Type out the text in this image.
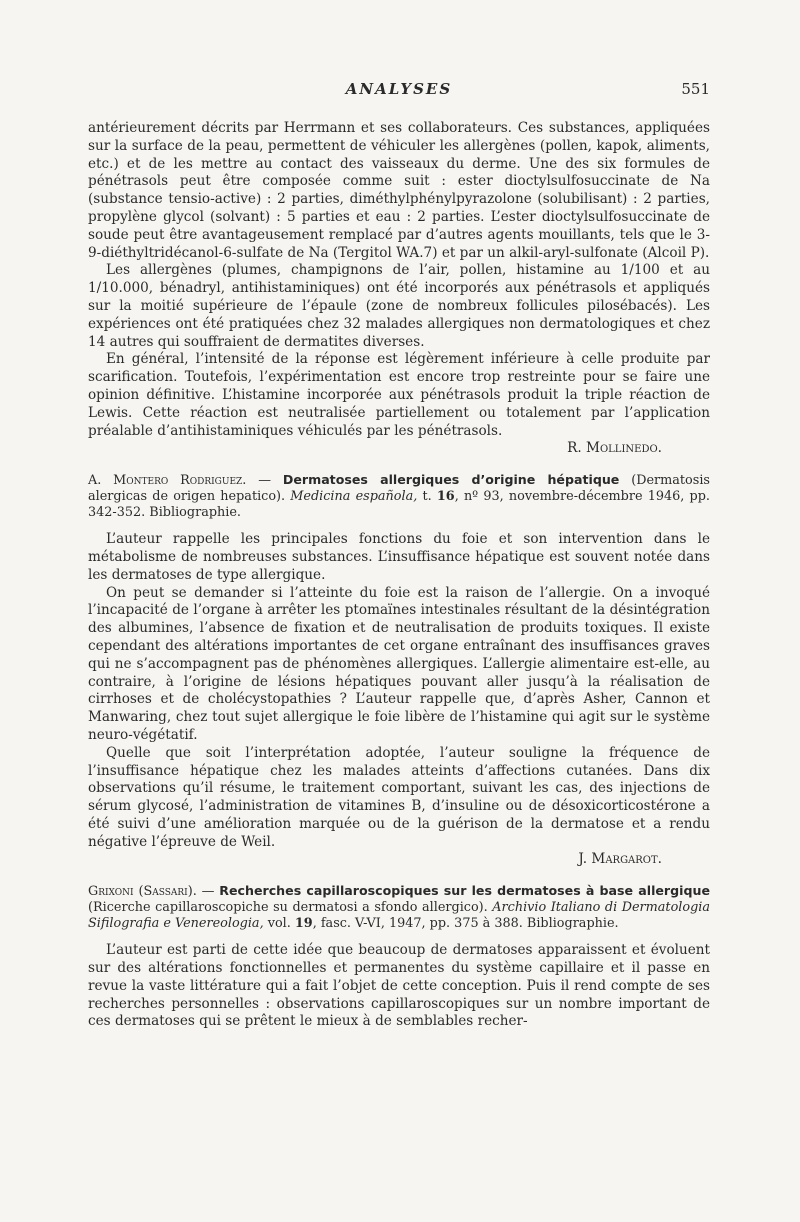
ANALYSES	551

antérieurement décrits par Herrmann et ses collaborateurs. Ces substances, appliquées sur la surface de la peau, permettent de véhiculer les allergènes (pollen, kapok, aliments, etc.) et de les mettre au contact des vaisseaux du derme. Une des six formules de pénétrasols peut être composée comme suit : ester dioctylsulfosuccinate de Na (substance tensio-active) : 2 parties, diméthylphénylpyrazolone (solubilisant) : 2 parties, propylène glycol (solvant) : 5 parties et eau : 2 parties. L’ester dioctylsulfosuccinate de soude peut être avantageusement remplacé par d’autres agents mouillants, tels que le 3-9-diéthyltridécanol-6-sulfate de Na (Tergitol WA.7) et par un alkil-aryl-sulfonate (Alcoil P).

Les allergènes (plumes, champignons de l’air, pollen, histamine au 1/100 et au 1/10.000, bénadryl, antihistaminiques) ont été incorporés aux pénétrasols et appliqués sur la moitié supérieure de l’épaule (zone de nombreux follicules pilosébacés). Les expériences ont été pratiquées chez 32 malades allergiques non dermatologiques et chez 14 autres qui souffraient de dermatites diverses.

En général, l’intensité de la réponse est légèrement inférieure à celle produite par scarification. Toutefois, l’expérimentation est encore trop restreinte pour se faire une opinion définitive. L’histamine incorporée aux pénétrasols produit la triple réaction de Lewis. Cette réaction est neutralisée partiellement ou totalement par l’application préalable d’antihistaminiques véhiculés par les pénétrasols.

R. Mollinedo.
A. Montero Rodriguez. — Dermatoses allergiques d’origine hépatique (Dermatosis alergicas de origen hepatico). Medicina española, t. 16, nº 93, novembre-décembre 1946, pp. 342-352. Bibliographie.

L’auteur rappelle les principales fonctions du foie et son intervention dans le métabolisme de nombreuses substances. L’insuffisance hépatique est souvent notée dans les dermatoses de type allergique.

On peut se demander si l’atteinte du foie est la raison de l’allergie. On a invoqué l’incapacité de l’organe à arrêter les ptomaïnes intestinales résultant de la désintégration des albumines, l’absence de fixation et de neutralisation de produits toxiques. Il existe cependant des altérations importantes de cet organe entraînant des insuffisances graves qui ne s’accompagnent pas de phénomènes allergiques. L’allergie alimentaire est-elle, au contraire, à l’origine de lésions hépatiques pouvant aller jusqu’à la réalisation de cirrhoses et de cholécystopathies ? L’auteur rappelle que, d’après Asher, Cannon et Manwaring, chez tout sujet allergique le foie libère de l’histamine qui agit sur le système neuro-végétatif.

Quelle que soit l’interprétation adoptée, l’auteur souligne la fréquence de l’insuffisance hépatique chez les malades atteints d’affections cutanées. Dans dix observations qu’il résume, le traitement comportant, suivant les cas, des injections de sérum glycosé, l’administration de vitamines B, d’insuline ou de désoxicorticostérone a été suivi d’une amélioration marquée ou de la guérison de la dermatose et a rendu négative l’épreuve de Weil.

J. Margarot.
Grixoni (Sassari). — Recherches capillaroscopiques sur les dermatoses à base allergique (Ricerche capillaroscopiche su dermatosi a sfondo allergico). Archivio Italiano di Dermatologia Sifilografia e Venereologia, vol. 19, fasc. V-VI, 1947, pp. 375 à 388. Bibliographie.

L’auteur est parti de cette idée que beaucoup de dermatoses apparaissent et évoluent sur des altérations fonctionnelles et permanentes du système capillaire et il passe en revue la vaste littérature qui a fait l’objet de cette conception. Puis il rend compte de ses recherches personnelles : observations capillaroscopiques sur un nombre important de ces dermatoses qui se prêtent le mieux à de semblables recher-
